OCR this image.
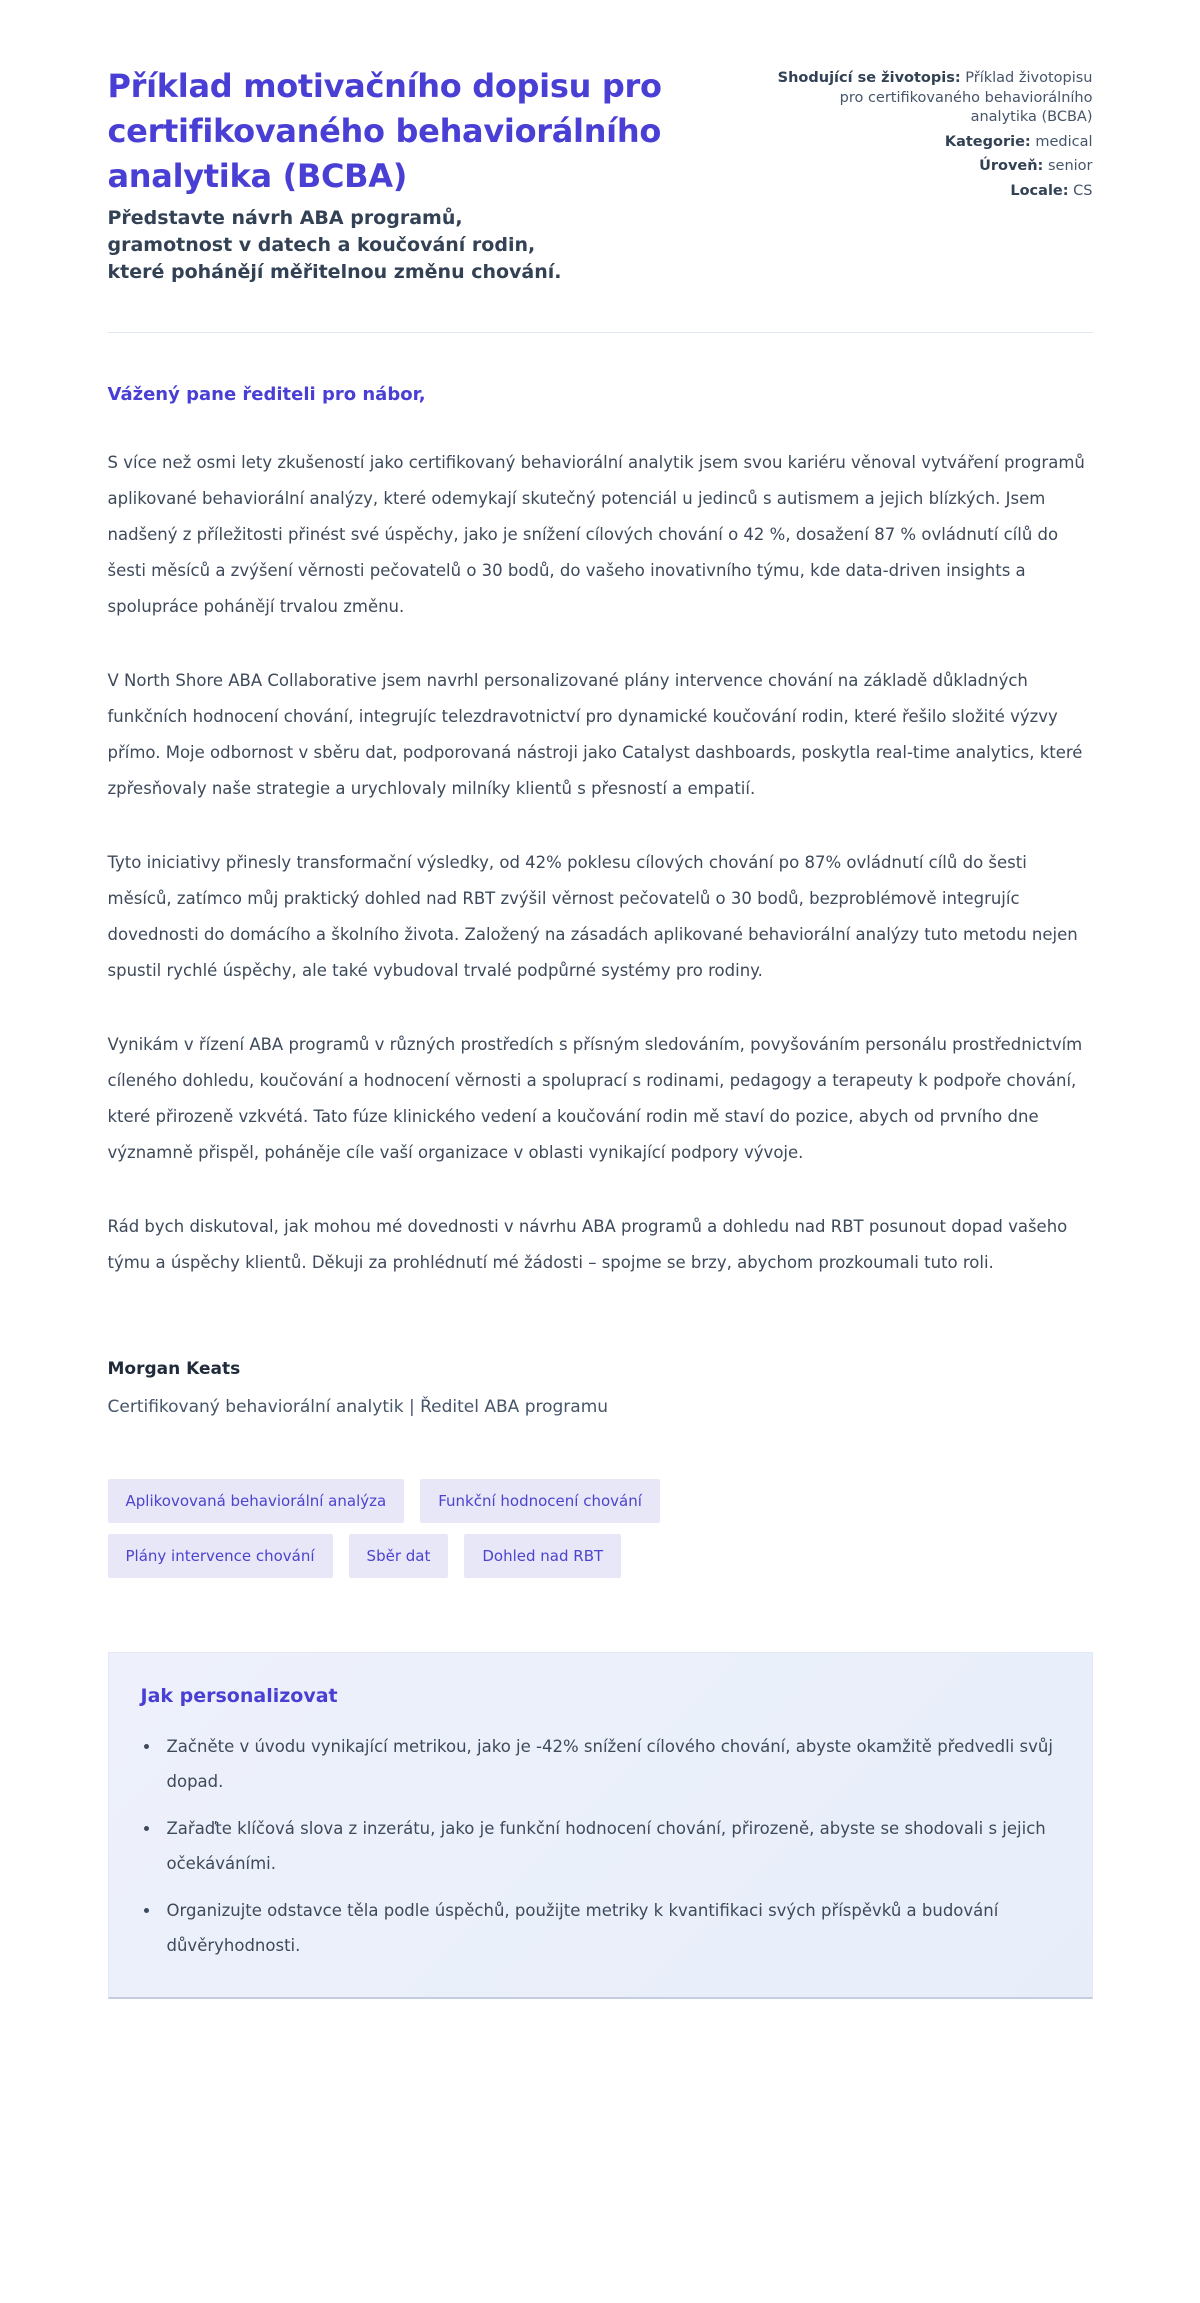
Příklad motivačního dopisu pro certifikovaného behaviorálního analytika (BCBA)
Představte návrh ABA programů, gramotnost v datech a koučování rodin, které pohánějí měřitelnou změnu chování.
Shodující se životopis: Příklad životopisu pro certifikovaného behaviorálního analytika (BCBA)
Kategorie: medical
Úroveň: senior
Locale: CS
Vážený pane řediteli pro nábor,

S více než osmi lety zkušeností jako certifikovaný behaviorální analytik jsem svou kariéru věnoval vytváření programů aplikované behaviorální analýzy, které odemykají skutečný potenciál u jedinců s autismem a jejich blízkých. Jsem nadšený z příležitosti přinést své úspěchy, jako je snížení cílových chování o 42 %, dosažení 87 % ovládnutí cílů do šesti měsíců a zvýšení věrnosti pečovatelů o 30 bodů, do vašeho inovativního týmu, kde data-driven insights a spolupráce pohánějí trvalou změnu.

V North Shore ABA Collaborative jsem navrhl personalizované plány intervence chování na základě důkladných funkčních hodnocení chování, integrujíc telezdravotnictví pro dynamické koučování rodin, které řešilo složité výzvy přímo. Moje odbornost v sběru dat, podporovaná nástroji jako Catalyst dashboards, poskytla real-time analytics, které zpřesňovaly naše strategie a urychlovaly milníky klientů s přesností a empatií.

Tyto iniciativy přinesly transformační výsledky, od 42% poklesu cílových chování po 87% ovládnutí cílů do šesti měsíců, zatímco můj praktický dohled nad RBT zvýšil věrnost pečovatelů o 30 bodů, bezproblémově integrujíc dovednosti do domácího a školního života. Založený na zásadách aplikované behaviorální analýzy tuto metodu nejen spustil rychlé úspěchy, ale také vybudoval trvalé podpůrné systémy pro rodiny.

Vynikám v řízení ABA programů v různých prostředích s přísným sledováním, povyšováním personálu prostřednictvím cíleného dohledu, koučování a hodnocení věrnosti a spoluprací s rodinami, pedagogy a terapeuty k podpoře chování, které přirozeně vzkvétá. Tato fúze klinického vedení a koučování rodin mě staví do pozice, abych od prvního dne významně přispěl, poháněje cíle vaší organizace v oblasti vynikající podpory vývoje.

Rád bych diskutoval, jak mohou mé dovednosti v návrhu ABA programů a dohledu nad RBT posunout dopad vašeho týmu a úspěchy klientů. Děkuji za prohlédnutí mé žádosti – spojme se brzy, abychom prozkoumali tuto roli.

Morgan Keats
Certifikovaný behaviorální analytik | Ředitel ABA programu
Aplikovovaná behaviorální analýza	Funkční hodnocení chování
Plány intervence chování	Sběr dat	Dohled nad RBT
Jak personalizovat
• Začněte v úvodu vynikající metrikou, jako je -42% snížení cílového chování, abyste okamžitě předvedli svůj dopad.
• Zařaďte klíčová slova z inzerátu, jako je funkční hodnocení chování, přirozeně, abyste se shodovali s jejich očekáváními.
• Organizujte odstavce těla podle úspěchů, použijte metriky k kvantifikaci svých příspěvků a budování důvěryhodnosti.
